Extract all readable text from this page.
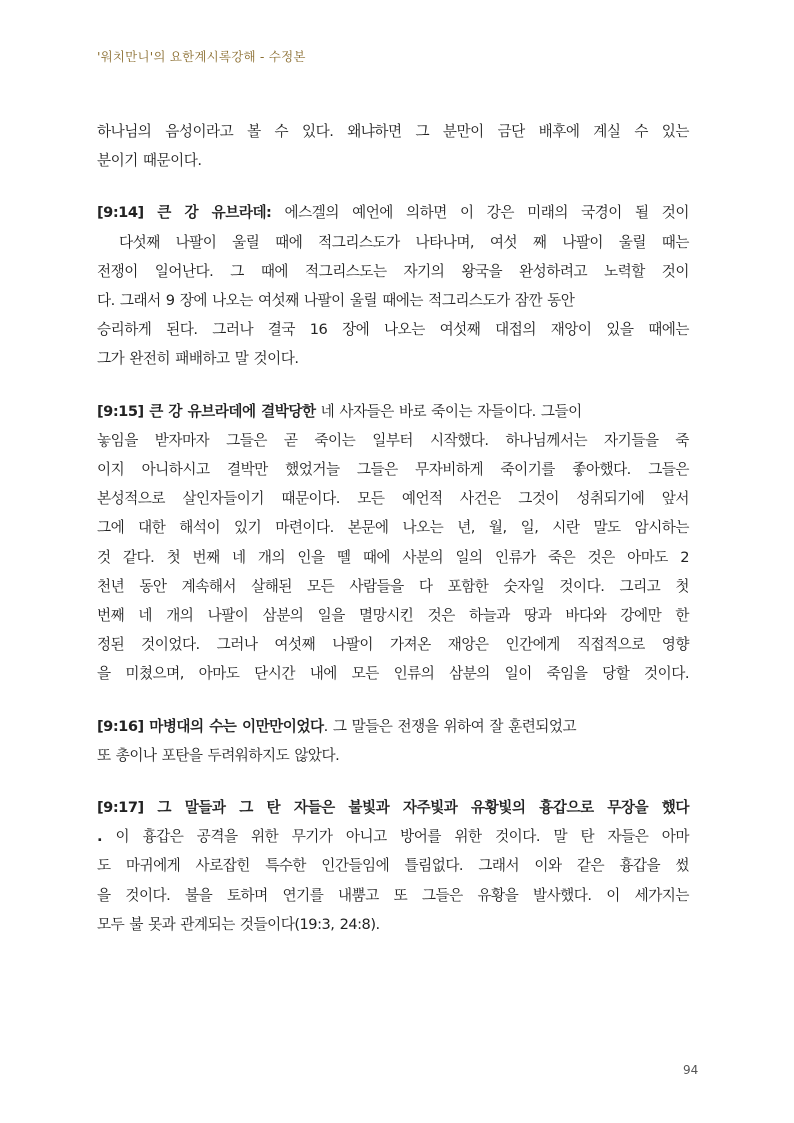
'워치만니'의 요한계시록강해 - 수정본
하나님의 음성이라고 볼 수 있다. 왜냐하면 그 분만이 금단 배후에 계실 수 있는
분이기 때문이다.
[9:14] 큰 강 유브라데: 에스겔의 예언에 의하면 이 강은 미래의 국경이 될 것이
다섯째 나팔이 울릴 때에 적그리스도가 나타나며, 여섯 째 나팔이 울릴 때는
전쟁이 일어난다. 그 때에 적그리스도는 자기의 왕국을 완성하려고 노력할 것이
다. 그래서 9 장에 나오는 여섯째 나팔이 울릴 때에는 적그리스도가 잠깐 동안
승리하게 된다. 그러나 결국 16 장에 나오는 여섯째 대접의 재앙이 있을 때에는
그가 완전히 패배하고 말 것이다.
[9:15] 큰 강 유브라데에 결박당한 네 사자들은 바로 죽이는 자들이다. 그들이
놓임을 받자마자 그들은 곧 죽이는 일부터 시작했다. 하나님께서는 자기들을 죽
이지 아니하시고 결박만 했었거늘 그들은 무자비하게 죽이기를 좋아했다. 그들은
본성적으로 살인자들이기 때문이다. 모든 예언적 사건은 그것이 성취되기에 앞서
그에 대한 해석이 있기 마련이다. 본문에 나오는 년, 월, 일, 시란 말도 암시하는
것 같다. 첫 번째 네 개의 인을 뗄 때에 사분의 일의 인류가 죽은 것은 아마도 2
천년 동안 계속해서 살해된 모든 사람들을 다 포함한 숫자일 것이다. 그리고 첫
번째 네 개의 나팔이 삼분의 일을 멸망시킨 것은 하늘과 땅과 바다와 강에만 한
정된 것이었다. 그러나 여섯째 나팔이 가져온 재앙은 인간에게 직접적으로 영향
을 미쳤으며, 아마도 단시간 내에 모든 인류의 삼분의 일이 죽임을 당할 것이다.
[9:16] 마병대의 수는 이만만이었다. 그 말들은 전쟁을 위하여 잘 훈련되었고
또 총이나 포탄을 두려워하지도 않았다.
[9:17] 그 말들과 그 탄 자들은 불빛과 자주빛과 유황빛의 흉갑으로 무장을 했다
. 이 흉갑은 공격을 위한 무기가 아니고 방어를 위한 것이다. 말 탄 자들은 아마
도 마귀에게 사로잡힌 특수한 인간들임에 틀림없다. 그래서 이와 같은 흉갑을 썼
을 것이다. 불을 토하며 연기를 내뿜고 또 그들은 유황을 발사했다. 이 세가지는
모두 불 못과 관계되는 것들이다(19:3, 24:8).
94
